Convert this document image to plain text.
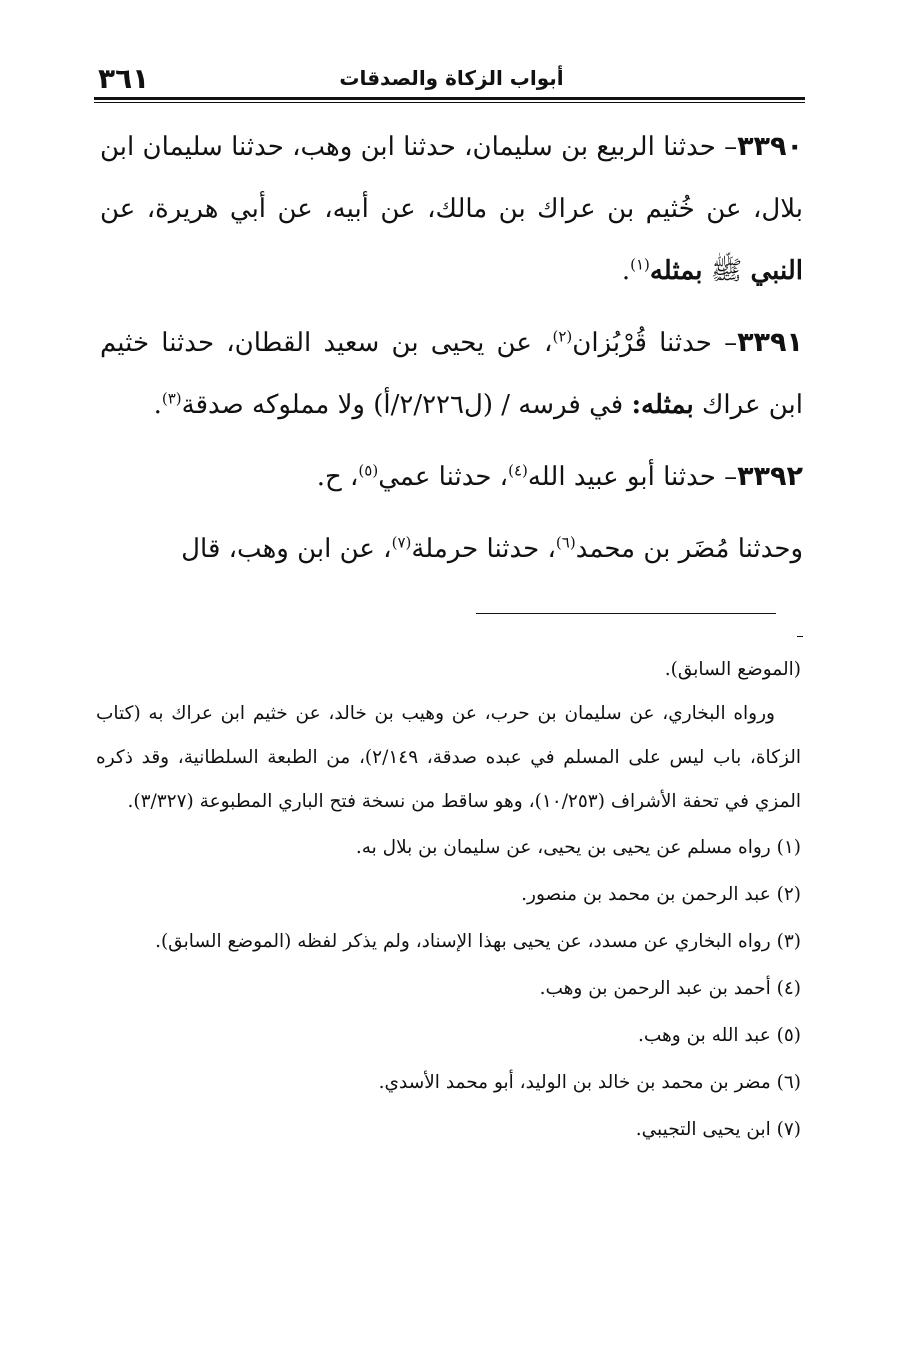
٣٦١	أبواب الزكاة والصدقات

٣٣٩٠– حدثنا الربيع بن سليمان، حدثنا ابن وهب، حدثنا سليمان ابن بلال، عن خُثيم بن عراك بن مالك، عن أبيه، عن أبي هريرة، عن النبي ﷺ بمثله$^{(١)}$.

٣٣٩١– حدثنا قُرْبُزان$^{(٢)}$، عن يحيى بن سعيد القطان، حدثنا خثيم ابن عراك بمثله: في فرسه / (ل٢/٢٢٦/أ) ولا مملوكه صدقة$^{(٣)}$.

٣٣٩٢– حدثنا أبو عبيد الله$^{(٤)}$، حدثنا عمي$^{(٥)}$، ح.

وحدثنا مُضَر بن محمد$^{(٦)}$، حدثنا حرملة$^{(٧)}$، عن ابن وهب، قال

(الموضع السابق).

ورواه البخاري، عن سليمان بن حرب، عن وهيب بن خالد، عن خثيم ابن عراك به (كتاب الزكاة، باب ليس على المسلم في عبده صدقة، ٢/١٤٩)، من الطبعة السلطانية، وقد ذكره المزي في تحفة الأشراف (١٠/٢٥٣)، وهو ساقط من نسخة فتح الباري المطبوعة (٣/٣٢٧).

(١) رواه مسلم عن يحيى بن يحيى، عن سليمان بن بلال به.

(٢) عبد الرحمن بن محمد بن منصور.

(٣) رواه البخاري عن مسدد، عن يحيى بهذا الإسناد، ولم يذكر لفظه (الموضع السابق).

(٤) أحمد بن عبد الرحمن بن وهب.

(٥) عبد الله بن وهب.

(٦) مضر بن محمد بن خالد بن الوليد، أبو محمد الأسدي.

(٧) ابن يحيى التجيبي.
